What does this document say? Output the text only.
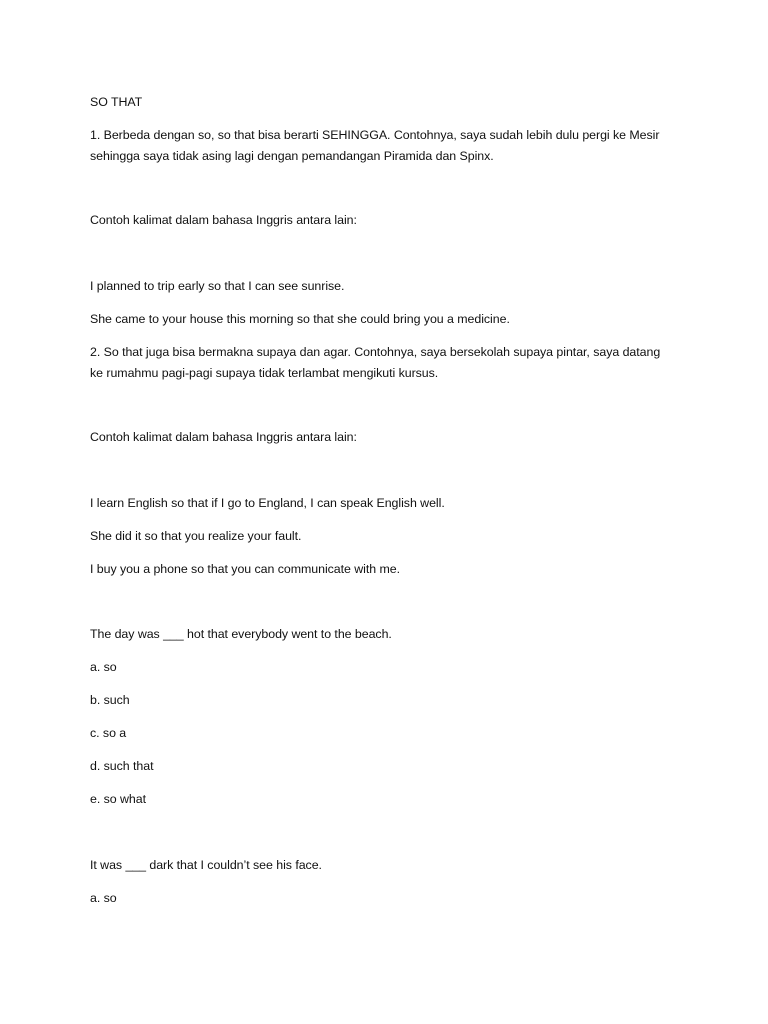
SO THAT

1. Berbeda dengan so, so that bisa berarti SEHINGGA. Contohnya, saya sudah lebih dulu pergi ke Mesir

sehingga saya tidak asing lagi dengan pemandangan Piramida dan Spinx.

Contoh kalimat dalam bahasa Inggris antara lain:

I planned to trip early so that I can see sunrise.

She came to your house this morning so that she could bring you a medicine.

2. So that juga bisa bermakna supaya dan agar. Contohnya, saya bersekolah supaya pintar, saya datang

ke rumahmu pagi-pagi supaya tidak terlambat mengikuti kursus.

Contoh kalimat dalam bahasa Inggris antara lain:

I learn English so that if I go to England, I can speak English well.

She did it so that you realize your fault.

I buy you a phone so that you can communicate with me.

The day was ___ hot that everybody went to the beach.

a. so

b. such

c. so a

d. such that

e. so what

It was ___ dark that I couldn’t see his face.

a. so
